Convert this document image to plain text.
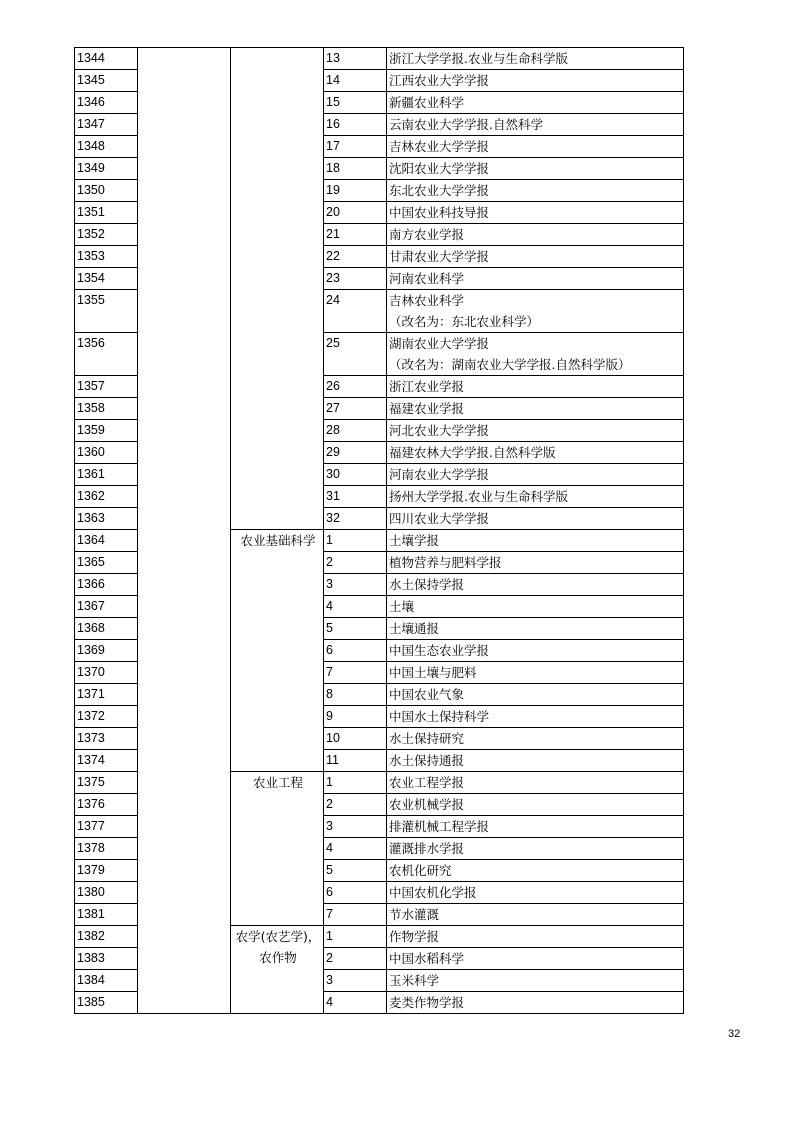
1344			13	浙江大学学报.农业与生命科学版

1345			14	江西农业大学学报

1346			15	新疆农业科学

1347			16	云南农业大学学报.自然科学

1348			17	吉林农业大学学报

1349			18	沈阳农业大学学报

1350			19	东北农业大学学报

1351			20	中国农业科技导报

1352			21	南方农业学报

1353			22	甘肃农业大学学报

1354			23	河南农业科学

1355			24	吉林农业科学
（改名为：东北农业科学）

1356			25	湖南农业大学学报
（改名为：湖南农业大学学报.自然科学版）

1357			26	浙江农业学报

1358			27	福建农业学报

1359			28	河北农业大学学报

1360			29	福建农林大学学报.自然科学版

1361			30	河南农业大学学报

1362			31	扬州大学学报.农业与生命科学版

1363			32	四川农业大学学报

1364		农业基础科学	1	土壤学报

1365			2	植物营养与肥料学报

1366			3	水土保持学报

1367			4	土壤

1368			5	土壤通报

1369			6	中国生态农业学报

1370			7	中国土壤与肥料

1371			8	中国农业气象

1372			9	中国水土保持科学

1373			10	水土保持研究

1374			11	水土保持通报

1375		农业工程	1	农业工程学报

1376			2	农业机械学报

1377			3	排灌机械工程学报

1378			4	灌溉排水学报

1379			5	农机化研究

1380			6	中国农机化学报

1381			7	节水灌溉

1382		农学(农艺学)，
农作物	1	作物学报

1383			2	中国水稻科学

1384			3	玉米科学

1385			4	麦类作物学报
32
